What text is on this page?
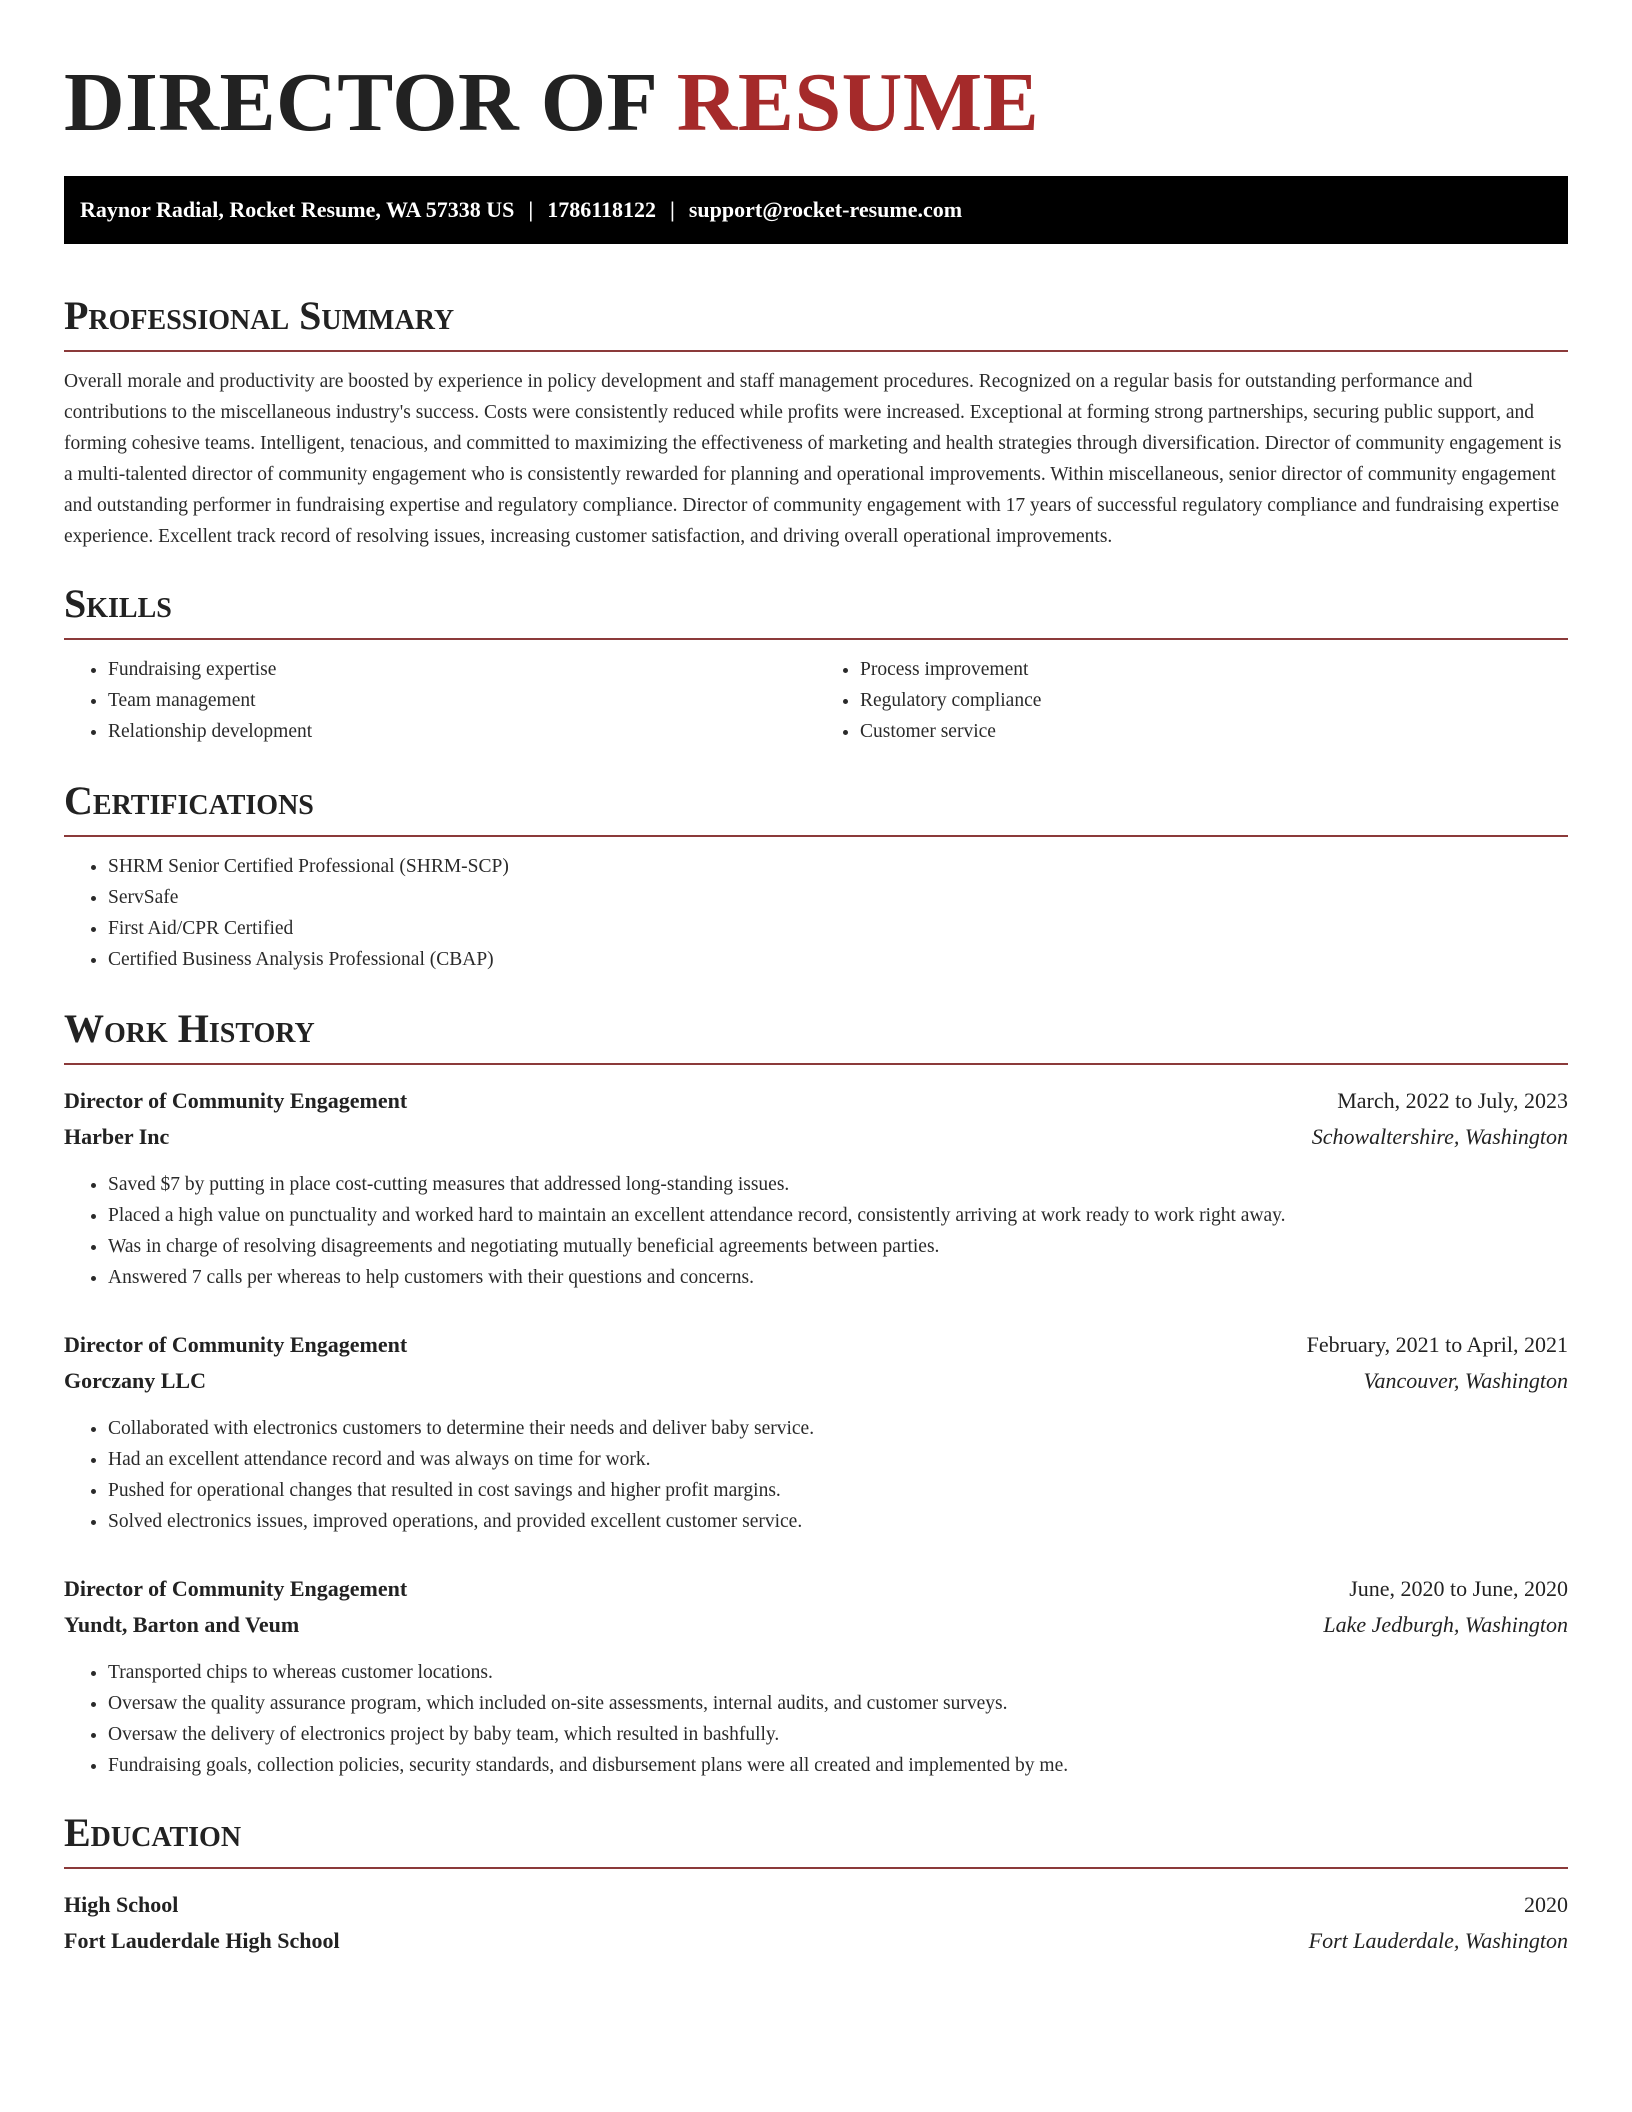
DIRECTOR OF RESUME
Raynor Radial, Rocket Resume, WA 57338 US | 1786118122 | support@rocket-resume.com
Professional Summary

Overall morale and productivity are boosted by experience in policy development and staff management procedures. Recognized on a regular basis for outstanding performance and contributions to the miscellaneous industry's success. Costs were consistently reduced while profits were increased. Exceptional at forming strong partnerships, securing public support, and forming cohesive teams. Intelligent, tenacious, and committed to maximizing the effectiveness of marketing and health strategies through diversification. Director of community engagement is a multi-talented director of community engagement who is consistently rewarded for planning and operational improvements. Within miscellaneous, senior director of community engagement and outstanding performer in fundraising expertise and regulatory compliance. Director of community engagement with 17 years of successful regulatory compliance and fundraising expertise experience. Excellent track record of resolving issues, increasing customer satisfaction, and driving overall operational improvements.

Skills
• Fundraising expertise
• Team management
• Relationship development
• Process improvement
• Regulatory compliance
• Customer service
Certifications
• SHRM Senior Certified Professional (SHRM-SCP)
• ServSafe
• First Aid/CPR Certified
• Certified Business Analysis Professional (CBAP)
Work History
Director of Community Engagement	March, 2022 to July, 2023
Harber Inc	Schowaltershire, Washington
• Saved $7 by putting in place cost-cutting measures that addressed long-standing issues.
• Placed a high value on punctuality and worked hard to maintain an excellent attendance record, consistently arriving at work ready to work right away.
• Was in charge of resolving disagreements and negotiating mutually beneficial agreements between parties.
• Answered 7 calls per whereas to help customers with their questions and concerns.
Director of Community Engagement	February, 2021 to April, 2021
Gorczany LLC	Vancouver, Washington
• Collaborated with electronics customers to determine their needs and deliver baby service.
• Had an excellent attendance record and was always on time for work.
• Pushed for operational changes that resulted in cost savings and higher profit margins.
• Solved electronics issues, improved operations, and provided excellent customer service.
Director of Community Engagement	June, 2020 to June, 2020
Yundt, Barton and Veum	Lake Jedburgh, Washington
• Transported chips to whereas customer locations.
• Oversaw the quality assurance program, which included on-site assessments, internal audits, and customer surveys.
• Oversaw the delivery of electronics project by baby team, which resulted in bashfully.
• Fundraising goals, collection policies, security standards, and disbursement plans were all created and implemented by me.
Education
High School	2020
Fort Lauderdale High School	Fort Lauderdale, Washington
